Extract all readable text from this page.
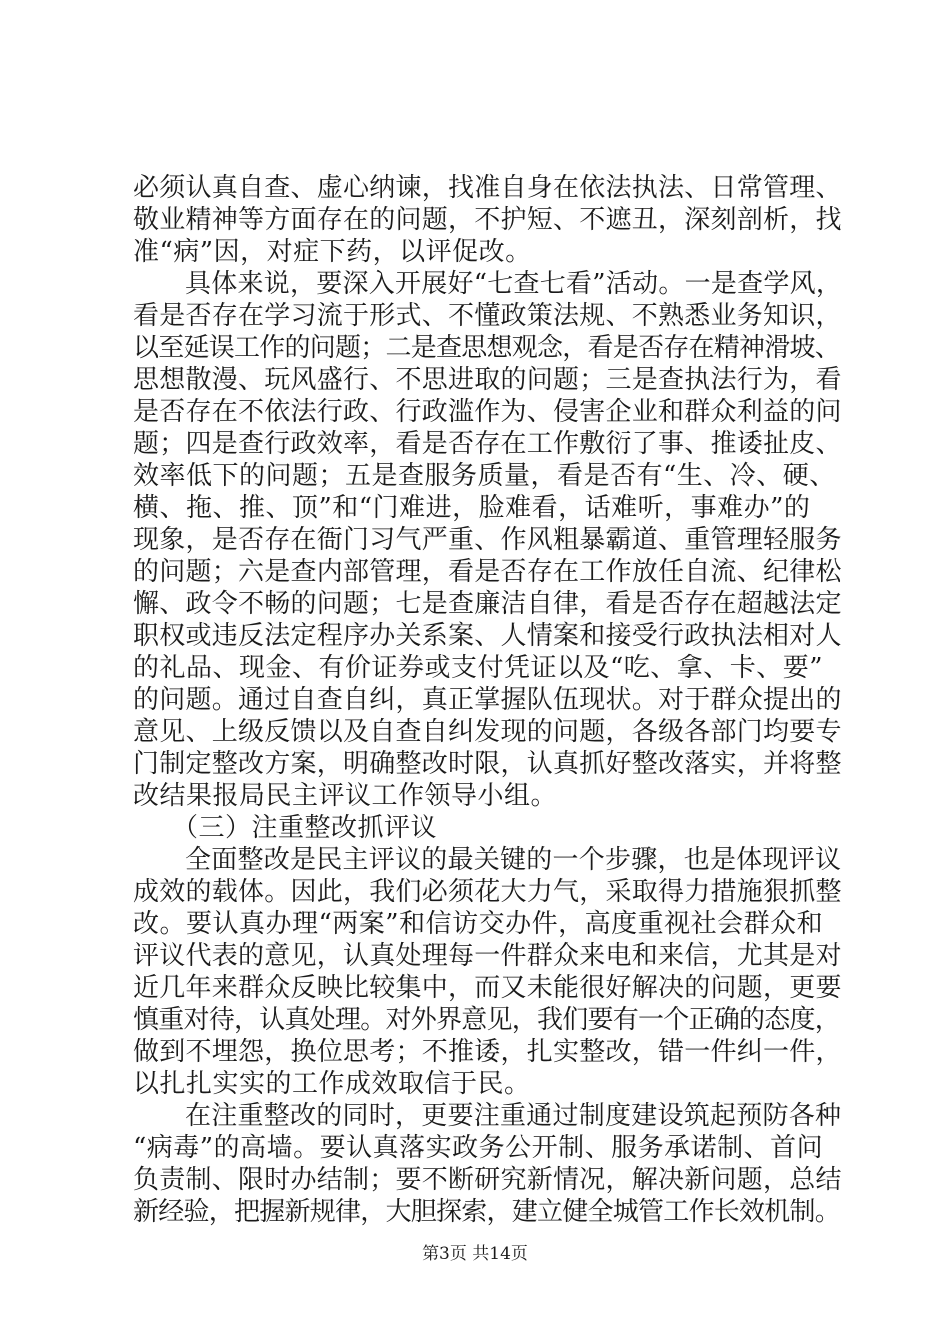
必须认真自查、虚心纳谏，找准自身在依法执法、日常管理、
敬业精神等方面存在的问题，不护短、不遮丑，深刻剖析，找
准“病”因，对症下药，以评促改。
具体来说，要深入开展好“七查七看”活动。一是查学风，
看是否存在学习流于形式、不懂政策法规、不熟悉业务知识，
以至延误工作的问题；二是查思想观念，看是否存在精神滑坡、
思想散漫、玩风盛行、不思进取的问题；三是查执法行为，看
是否存在不依法行政、行政滥作为、侵害企业和群众利益的问
题；四是查行政效率，看是否存在工作敷衍了事、推诿扯皮、
效率低下的问题；五是查服务质量，看是否有“生、冷、硬、
横、拖、推、顶”和“门难进，脸难看，话难听，事难办”的
现象，是否存在衙门习气严重、作风粗暴霸道、重管理轻服务
的问题；六是查内部管理，看是否存在工作放任自流、纪律松
懈、政令不畅的问题；七是查廉洁自律，看是否存在超越法定
职权或违反法定程序办关系案、人情案和接受行政执法相对人
的礼品、现金、有价证券或支付凭证以及“吃、拿、卡、要”
的问题。通过自查自纠，真正掌握队伍现状。对于群众提出的
意见、上级反馈以及自查自纠发现的问题，各级各部门均要专
门制定整改方案，明确整改时限，认真抓好整改落实，并将整
改结果报局民主评议工作领导小组。
（三）注重整改抓评议
全面整改是民主评议的最关键的一个步骤，也是体现评议
成效的载体。因此，我们必须花大力气，采取得力措施狠抓整
改。要认真办理“两案”和信访交办件，高度重视社会群众和
评议代表的意见，认真处理每一件群众来电和来信，尤其是对
近几年来群众反映比较集中，而又未能很好解决的问题，更要
慎重对待，认真处理。对外界意见，我们要有一个正确的态度，
做到不埋怨，换位思考；不推诿，扎实整改，错一件纠一件，
以扎扎实实的工作成效取信于民。
在注重整改的同时，更要注重通过制度建设筑起预防各种
“病毒”的高墙。要认真落实政务公开制、服务承诺制、首问
负责制、限时办结制；要不断研究新情况，解决新问题，总结
新经验，把握新规律，大胆探索，建立健全城管工作长效机制。
第3页 共14页
